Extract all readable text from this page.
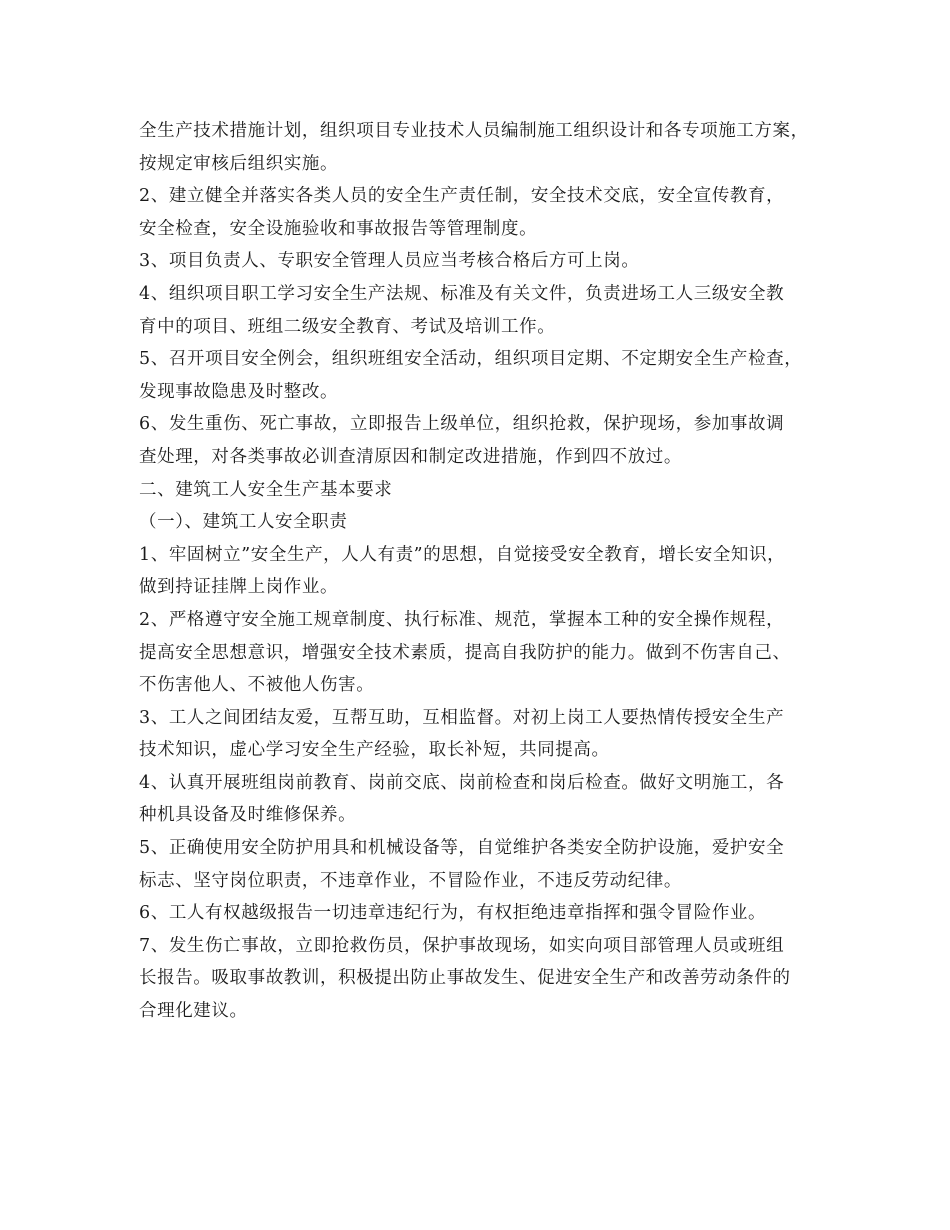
全生产技术措施计划，组织项目专业技术人员编制施工组织设计和各专项施工方案，
按规定审核后组织实施。
2、建立健全并落实各类人员的安全生产责任制，安全技术交底，安全宣传教育，
安全检查，安全设施验收和事故报告等管理制度。
3、项目负责人、专职安全管理人员应当考核合格后方可上岗。
4、组织项目职工学习安全生产法规、标准及有关文件，负责进场工人三级安全教
育中的项目、班组二级安全教育、考试及培训工作。
5、召开项目安全例会，组织班组安全活动，组织项目定期、不定期安全生产检查，
发现事故隐患及时整改。
6、发生重伤、死亡事故，立即报告上级单位，组织抢救，保护现场，参加事故调
查处理，对各类事故必训查清原因和制定改进措施，作到四不放过。
二、建筑工人安全生产基本要求
（一）、建筑工人安全职责
1、牢固树立”安全生产，人人有责”的思想，自觉接受安全教育，增长安全知识，
做到持证挂牌上岗作业。
2、严格遵守安全施工规章制度、执行标准、规范，掌握本工种的安全操作规程，
提高安全思想意识，增强安全技术素质，提高自我防护的能力。做到不伤害自己、
不伤害他人、不被他人伤害。
3、工人之间团结友爱，互帮互助，互相监督。对初上岗工人要热情传授安全生产
技术知识，虚心学习安全生产经验，取长补短，共同提高。
4、认真开展班组岗前教育、岗前交底、岗前检查和岗后检查。做好文明施工，各
种机具设备及时维修保养。
5、正确使用安全防护用具和机械设备等，自觉维护各类安全防护设施，爱护安全
标志、坚守岗位职责，不违章作业，不冒险作业，不违反劳动纪律。
6、工人有权越级报告一切违章违纪行为，有权拒绝违章指挥和强令冒险作业。
7、发生伤亡事故，立即抢救伤员，保护事故现场，如实向项目部管理人员或班组
长报告。吸取事故教训，积极提出防止事故发生、促进安全生产和改善劳动条件的
合理化建议。
